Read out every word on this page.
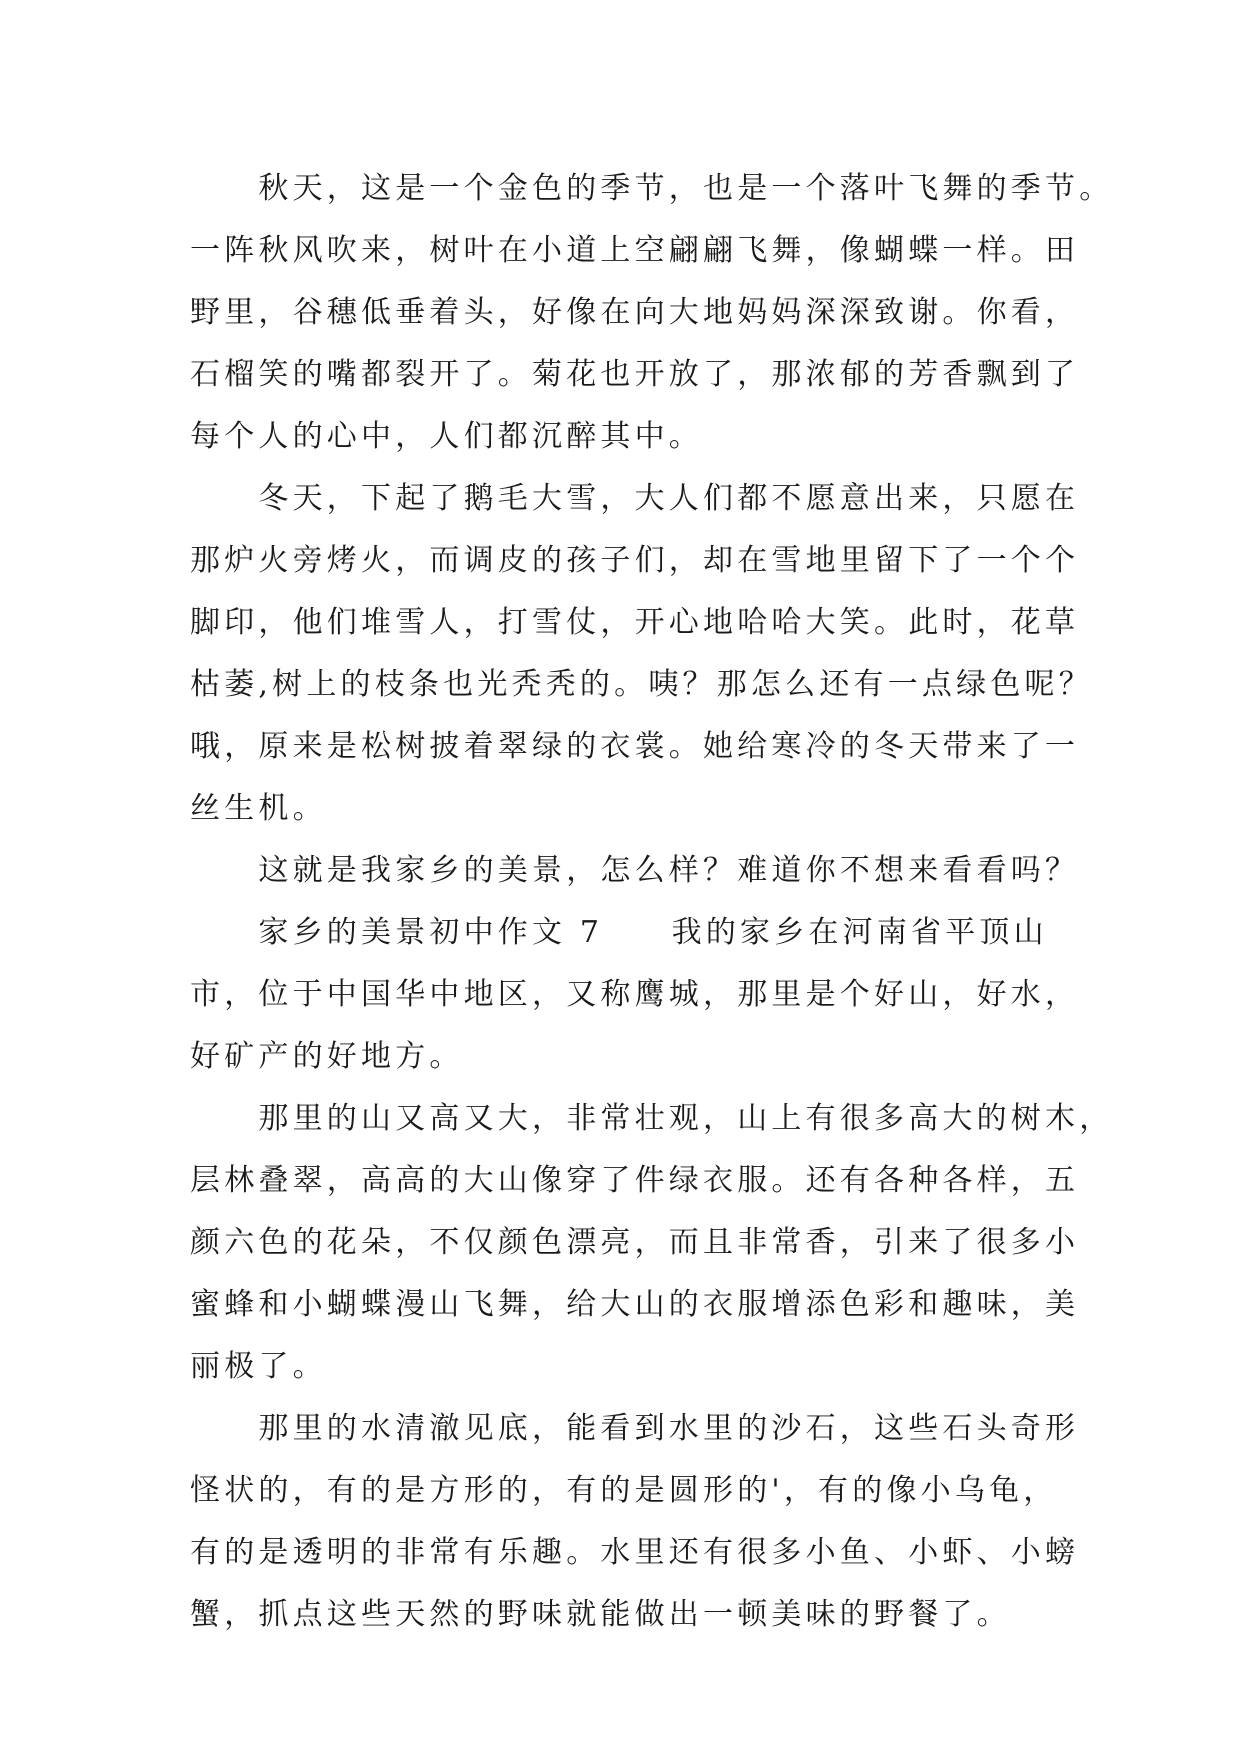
　　秋天，这是一个金色的季节，也是一个落叶飞舞的季节。
一阵秋风吹来，树叶在小道上空翩翩飞舞，像蝴蝶一样。田
野里，谷穗低垂着头，好像在向大地妈妈深深致谢。你看，
石榴笑的嘴都裂开了。菊花也开放了，那浓郁的芳香飘到了
每个人的心中，人们都沉醉其中。
　　冬天，下起了鹅毛大雪，大人们都不愿意出来，只愿在
那炉火旁烤火，而调皮的孩子们，却在雪地里留下了一个个
脚印，他们堆雪人，打雪仗，开心地哈哈大笑。此时，花草
枯萎,树上的枝条也光秃秃的。咦？那怎么还有一点绿色呢？
哦，原来是松树披着翠绿的衣裳。她给寒冷的冬天带来了一
丝生机。
　　这就是我家乡的美景，怎么样？难道你不想来看看吗？
　　家乡的美景初中作文 7　　我的家乡在河南省平顶山
市，位于中国华中地区，又称鹰城，那里是个好山，好水，
好矿产的好地方。
　　那里的山又高又大，非常壮观，山上有很多高大的树木，
层林叠翠，高高的大山像穿了件绿衣服。还有各种各样，五
颜六色的花朵，不仅颜色漂亮，而且非常香，引来了很多小
蜜蜂和小蝴蝶漫山飞舞，给大山的衣服增添色彩和趣味，美
丽极了。
　　那里的水清澈见底，能看到水里的沙石，这些石头奇形
怪状的，有的是方形的，有的是圆形的'，有的像小乌龟，
有的是透明的非常有乐趣。水里还有很多小鱼、小虾、小螃
蟹，抓点这些天然的野味就能做出一顿美味的野餐了。
